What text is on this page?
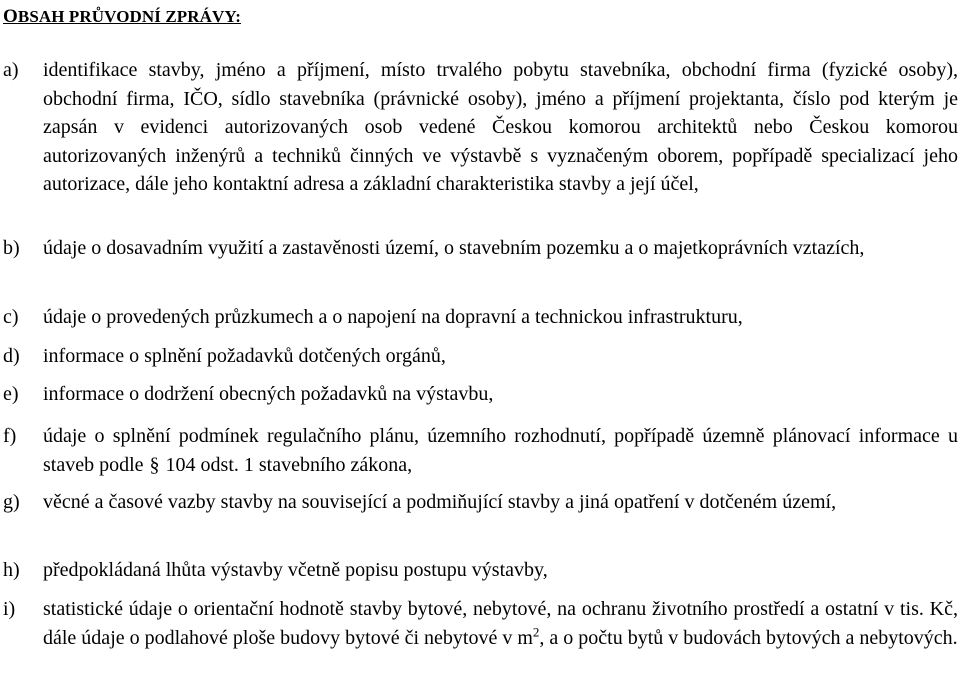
OBSAH PRŮVODNÍ ZPRÁVY:
a)	identifikace stavby, jméno a příjmení, místo trvalého pobytu stavebníka, obchodní firma (fyzické osoby), obchodní firma, IČO, sídlo stavebníka (právnické osoby), jméno a příjmení projektanta, číslo pod kterým je zapsán v evidenci autorizovaných osob vedené Českou komorou architektů nebo Českou komorou autorizovaných inženýrů a techniků činných ve výstavbě s vyznačeným oborem, popřípadě specializací jeho autorizace, dále jeho kontaktní adresa a základní charakteristika stavby a její účel,
b)	údaje o dosavadním využití a zastavěnosti území, o stavebním pozemku a o majetkoprávních vztazích,
c)	údaje o provedených průzkumech a o napojení na dopravní a technickou infrastrukturu,
d)	informace o splnění požadavků dotčených orgánů,
e)	informace o dodržení obecných požadavků na výstavbu,
f)	údaje o splnění podmínek regulačního plánu, územního rozhodnutí, popřípadě územně plánovací informace u staveb podle § 104 odst. 1 stavebního zákona,
g)	věcné a časové vazby stavby na související a podmiňující stavby a jiná opatření v dotčeném území,
h)	předpokládaná lhůta výstavby včetně popisu postupu výstavby,
i)	statistické údaje o orientační hodnotě stavby bytové, nebytové, na ochranu životního prostředí a ostatní v tis. Kč, dále údaje o podlahové ploše budovy bytové či nebytové v $m^2$, a o počtu bytů v budovách bytových a nebytových.
